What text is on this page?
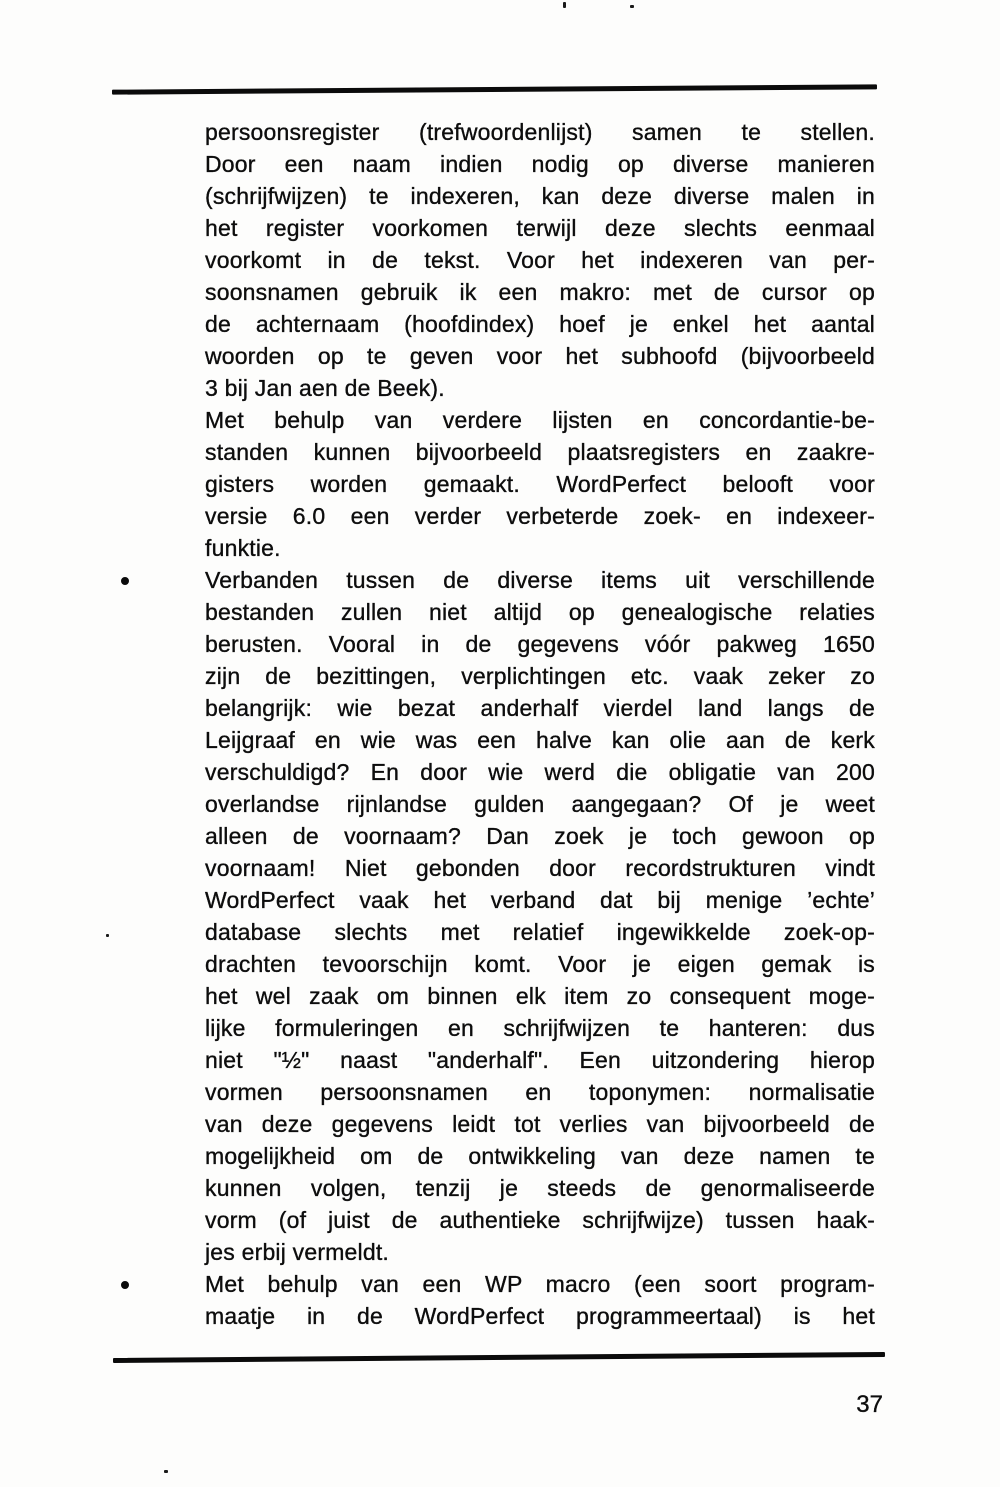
persoonsregister (trefwoordenlijst) samen te stellen.
Door een naam indien nodig op diverse manieren
(schrijfwijzen) te indexeren, kan deze diverse malen in
het register voorkomen terwijl deze slechts eenmaal
voorkomt in de tekst. Voor het indexeren van per-
soonsnamen gebruik ik een makro: met de cursor op
de achternaam (hoofdindex) hoef je enkel het aantal
woorden op te geven voor het subhoofd (bijvoorbeeld
3 bij Jan aen de Beek).
Met behulp van verdere lijsten en concordantie-be-
standen kunnen bijvoorbeeld plaatsregisters en zaakre-
gisters worden gemaakt. WordPerfect belooft voor
versie 6.0 een verder verbeterde zoek- en indexeer-
funktie.
Verbanden tussen de diverse items uit verschillende
bestanden zullen niet altijd op genealogische relaties
berusten. Vooral in de gegevens vóór pakweg 1650
zijn de bezittingen, verplichtingen etc. vaak zeker zo
belangrijk: wie bezat anderhalf vierdel land langs de
Leijgraaf en wie was een halve kan olie aan de kerk
verschuldigd? En door wie werd die obligatie van 200
overlandse rijnlandse gulden aangegaan? Of je weet
alleen de voornaam? Dan zoek je toch gewoon op
voornaam! Niet gebonden door recordstrukturen vindt
WordPerfect vaak het verband dat bij menige ’echte’
database slechts met relatief ingewikkelde zoek-op-
drachten tevoorschijn komt. Voor je eigen gemak is
het wel zaak om binnen elk item zo consequent moge-
lijke formuleringen en schrijfwijzen te hanteren: dus
niet "½" naast "anderhalf". Een uitzondering hierop
vormen persoonsnamen en toponymen: normalisatie
van deze gegevens leidt tot verlies van bijvoorbeeld de
mogelijkheid om de ontwikkeling van deze namen te
kunnen volgen, tenzij je steeds de genormaliseerde
vorm (of juist de authentieke schrijfwijze) tussen haak-
jes erbij vermeldt.
Met behulp van een WP macro (een soort program-
maatje in de WordPerfect programmeertaal) is het
37
